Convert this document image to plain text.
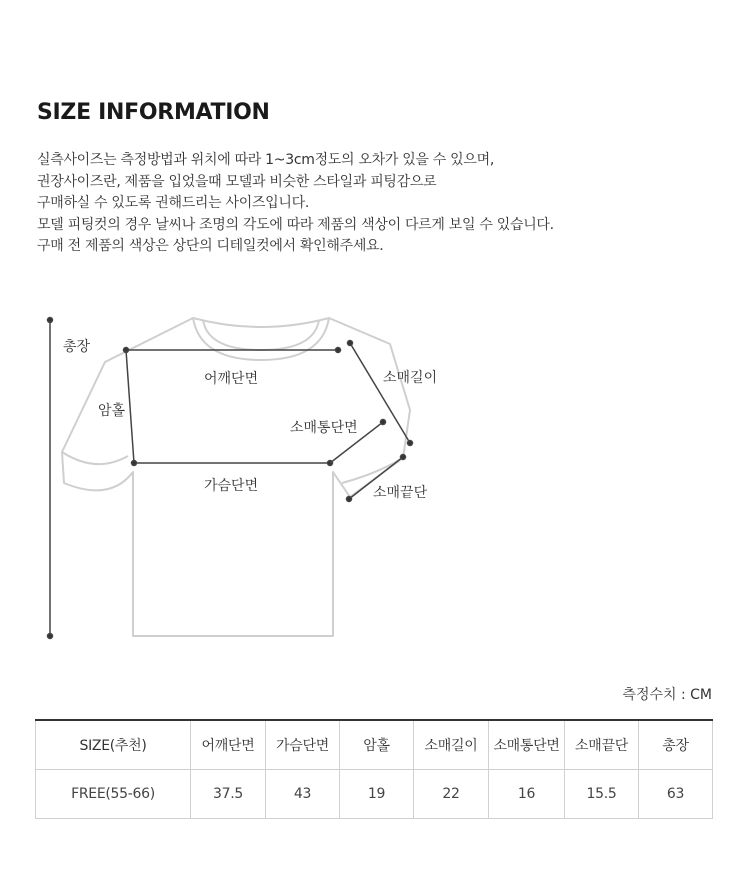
SIZE INFORMATION
실측사이즈는 측정방법과 위치에 따라 1~3cm정도의 오차가 있을 수 있으며,
권장사이즈란, 제품을 입었을때 모델과 비슷한 스타일과 피팅감으로
구매하실 수 있도록 권해드리는 사이즈입니다.
모델 피팅컷의 경우 날씨나 조명의 각도에 따라 제품의 색상이 다르게 보일 수 있습니다.
구매 전 제품의 색상은 상단의 디테일컷에서 확인해주세요.
총장
어깨단면
암홀
소매길이
소매통단면
가슴단면	소매끝단
측정수치 : CM
SIZE(추천)	어깨단면	가슴단면	암홀	소매길이	소매통단면	소매끝단	총장
FREE(55-66)	37.5	43	19	22	16	15.5	63
